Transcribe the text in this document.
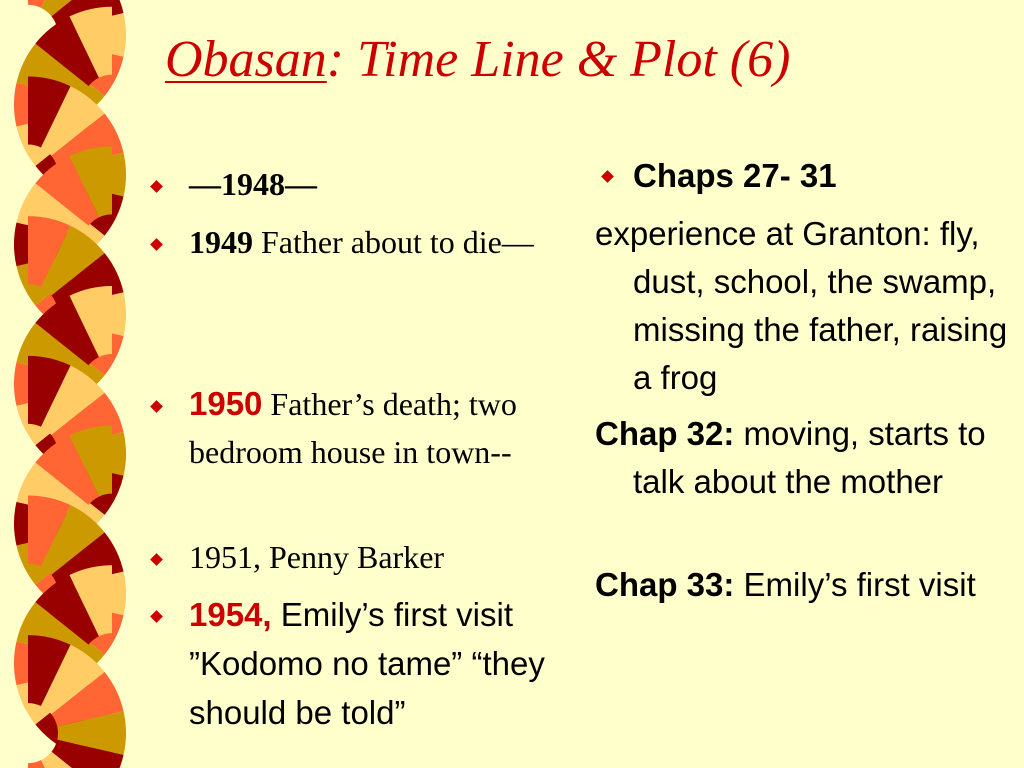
Obasan: Time Line & Plot (6)
—1948—
1949 Father about to die—
1950 Father’s death; two bedroom house in town--
1951, Penny Barker
1954, Emily’s first visit ”Kodomo no tame” “they should be told”
Chaps 27- 31
experience at Granton: fly, dust, school, the swamp, missing the father, raising a frog
Chap 32: moving, starts to talk about the mother
Chap 33: Emily’s first visit
